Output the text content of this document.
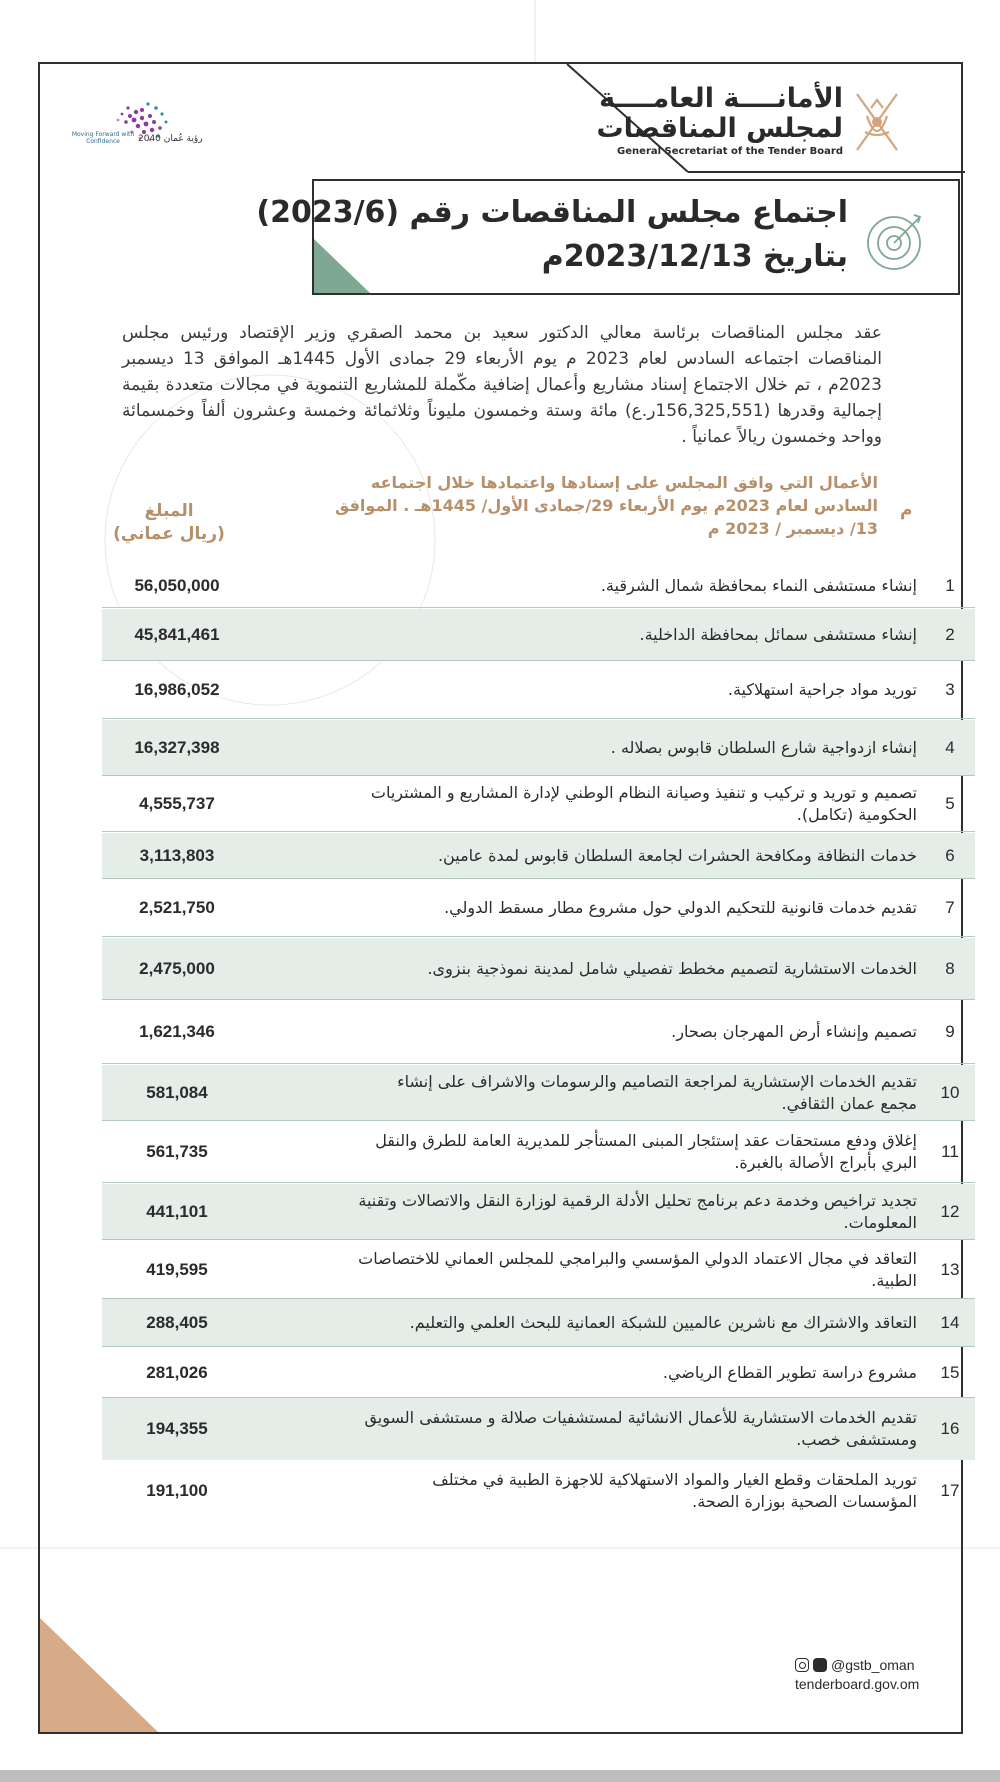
Moving Forward with Confidence	رؤية عُمان 2040
الأمانــــة العامــــة
لمجلس المناقصات
General Secretariat of the Tender Board
اجتماع مجلس المناقصات رقم (2023/6)
بتاريخ 2023/12/13م
عقد مجلس المناقصات برئاسة معالي الدكتور سعيد بن محمد الصقري وزير الإقتصاد ورئيس مجلس المناقصات اجتماعه السادس لعام 2023 م يوم الأربعاء 29 جمادى الأول 1445هـ الموافق 13 ديسمبر 2023م ، تم خلال الاجتماع إسناد مشاريع وأعمال إضافية مكّملة للمشاريع التنموية في مجالات متعددة بقيمة إجمالية وقدرها (156,325,551ر.ع) مائة وستة وخمسون مليوناً وثلاثمائة وخمسة وعشرون ألفاً وخمسمائة وواحد وخمسون ريالاً عمانياً .
م
الأعمال التي وافق المجلس على إسنادها واعتمادها خلال اجتماعه السادس لعام 2023م يوم الأربعاء 29/جمادى الأول/ 1445هـ . الموافق 13/ ديسمبر / 2023 م
المبلغ
(ريال عماني)
1
إنشاء مستشفى النماء بمحافظة شمال الشرقية.
56,050,000
2
إنشاء مستشفى سمائل بمحافظة الداخلية.
45,841,461
3
توريد مواد جراحية استهلاكية.
16,986,052
4
إنشاء ازدواجية شارع السلطان قابوس بصلاله .
16,327,398
5
تصميم و توريد و تركيب و تنفيذ وصيانة النظام الوطني لإدارة المشاريع و المشتريات الحكومية (تكامل).
4,555,737
6
خدمات النظافة ومكافحة الحشرات لجامعة السلطان قابوس لمدة عامين.
3,113,803
7
تقديم خدمات قانونية للتحكيم الدولي حول مشروع مطار مسقط الدولي.
2,521,750
8
الخدمات الاستشارية لتصميم مخطط تفصيلي شامل لمدينة نموذجية بنزوى.
2,475,000
9
تصميم وإنشاء أرض المهرجان بصحار.
1,621,346
10
تقديم الخدمات الإستشارية لمراجعة التصاميم والرسومات والاشراف على إنشاء مجمع عمان الثقافي.
581,084
11
إغلاق ودفع مستحقات عقد إستئجار المبنى المستأجر للمديرية العامة للطرق والنقل البري بأبراج الأصالة بالغبرة.
561,735
12
تجديد تراخيص وخدمة دعم برنامج تحليل الأدلة الرقمية لوزارة النقل والاتصالات وتقنية المعلومات.
441,101
13
التعاقد في مجال الاعتماد الدولي المؤسسي والبرامجي للمجلس العماني للاختصاصات الطبية.
419,595
14
التعاقد والاشتراك مع ناشرين عالميين للشبكة العمانية للبحث العلمي والتعليم.
288,405
15
مشروع دراسة تطوير القطاع الرياضي.
281,026
16
تقديم الخدمات الاستشارية للأعمال الانشائية لمستشفيات صلالة و مستشفى السويق ومستشفى خصب.
194,355
17
توريد الملحقات وقطع الغيار والمواد الاستهلاكية للاجهزة الطبية في مختلف المؤسسات الصحية بوزارة الصحة.
191,100
@gstb_oman
tenderboard.gov.om
